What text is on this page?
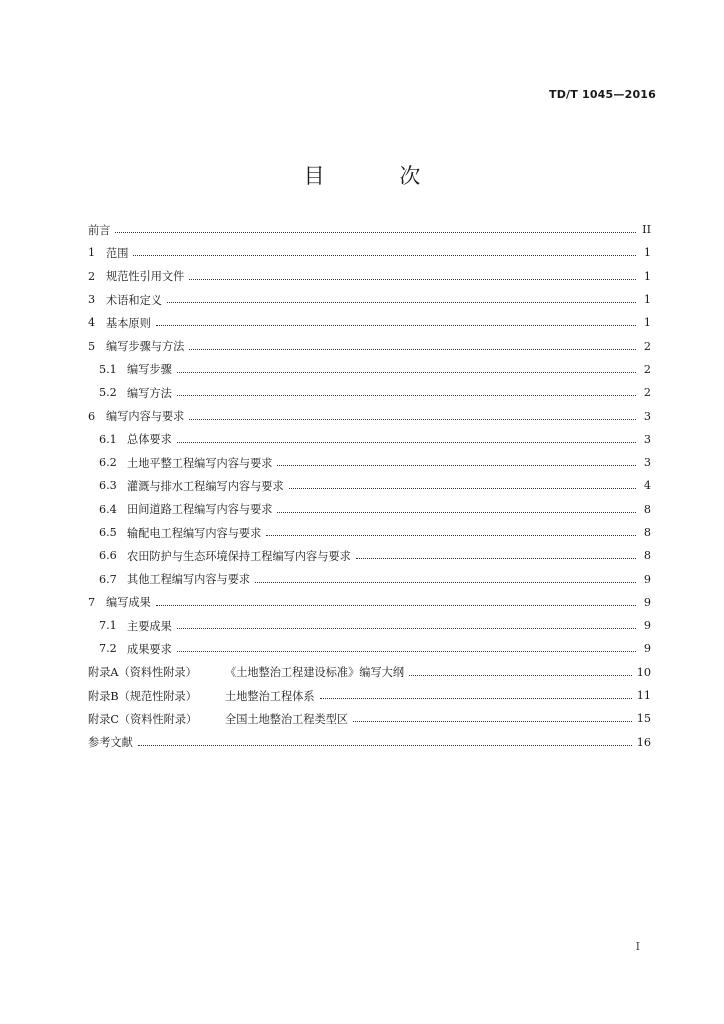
TD/T 1045—2016
目 次
前言	II
1 范围	1
2 规范性引用文件	1
3 术语和定义	1
4 基本原则	1
5 编写步骤与方法	2
5.1 编写步骤	2
5.2 编写方法	2
6 编写内容与要求	3
6.1 总体要求	3
6.2 土地平整工程编写内容与要求	3
6.3 灌溉与排水工程编写内容与要求	4
6.4 田间道路工程编写内容与要求	8
6.5 输配电工程编写内容与要求	8
6.6 农田防护与生态环境保持工程编写内容与要求	8
6.7 其他工程编写内容与要求	9
7 编写成果	9
7.1 主要成果	9
7.2 成果要求	9
附录A（资料性附录）	《土地整治工程建设标准》编写大纲	10
附录B（规范性附录）	土地整治工程体系	11
附录C（资料性附录）	全国土地整治工程类型区	15
参考文献	16
I
